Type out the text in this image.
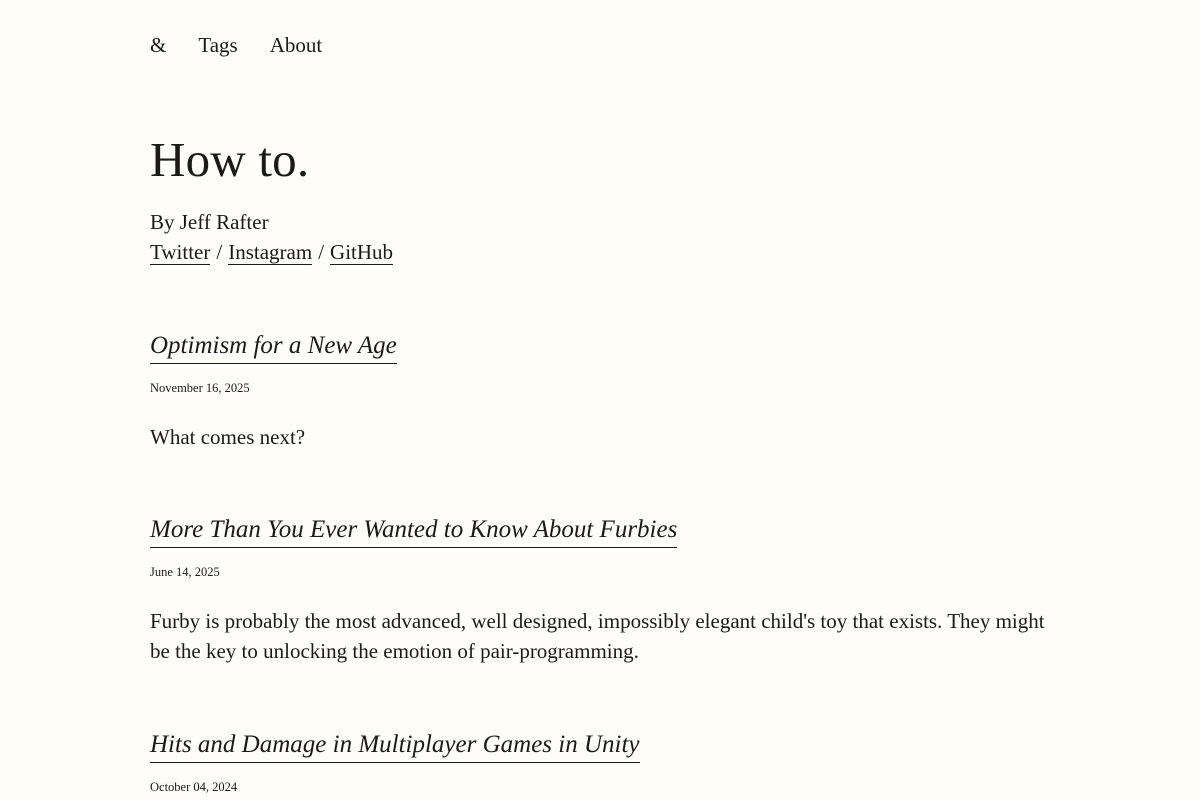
& Tags About
How to.
By Jeff Rafter
Twitter / Instagram / GitHub
Optimism for a New Age
November 16, 2025

What comes next?

More Than You Ever Wanted to Know About Furbies
June 14, 2025

Furby is probably the most advanced, well designed, impossibly elegant child's toy that exists. They might be the key to unlocking the emotion of pair-programming.

Hits and Damage in Multiplayer Games in Unity
October 04, 2024
